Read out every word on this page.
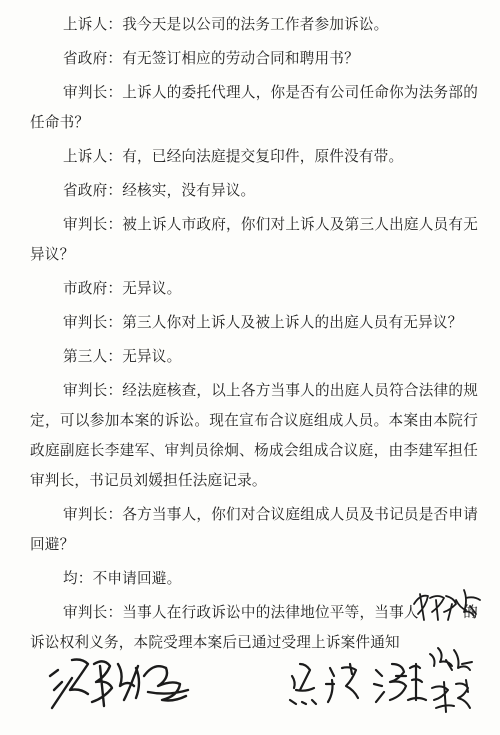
上诉人：我今天是以公司的法务工作者参加诉讼。

省政府：有无签订相应的劳动合同和聘用书？

审判长：上诉人的委托代理人，你是否有公司任命你为法务部的任命书？

上诉人：有，已经向法庭提交复印件，原件没有带。

省政府：经核实，没有异议。

审判长：被上诉人市政府，你们对上诉人及第三人出庭人员有无异议？

市政府：无异议。

审判长：第三人你对上诉人及被上诉人的出庭人员有无异议？

第三人：无异议。

审判长：经法庭核查，以上各方当事人的出庭人员符合法律的规定，可以参加本案的诉讼。现在宣布合议庭组成人员。本案由本院行政庭副庭长李建军、审判员徐炯、杨成会组成合议庭，由李建军担任审判长，书记员刘媛担任法庭记录。

审判长：各方当事人，你们对合议庭组成人员及书记员是否申请回避？

均：不申请回避。

审判长：当事人在行政诉讼中的法律地位平等，当事人　　　的诉讼权利义务，本院受理本案后已通过受理上诉案件通知
